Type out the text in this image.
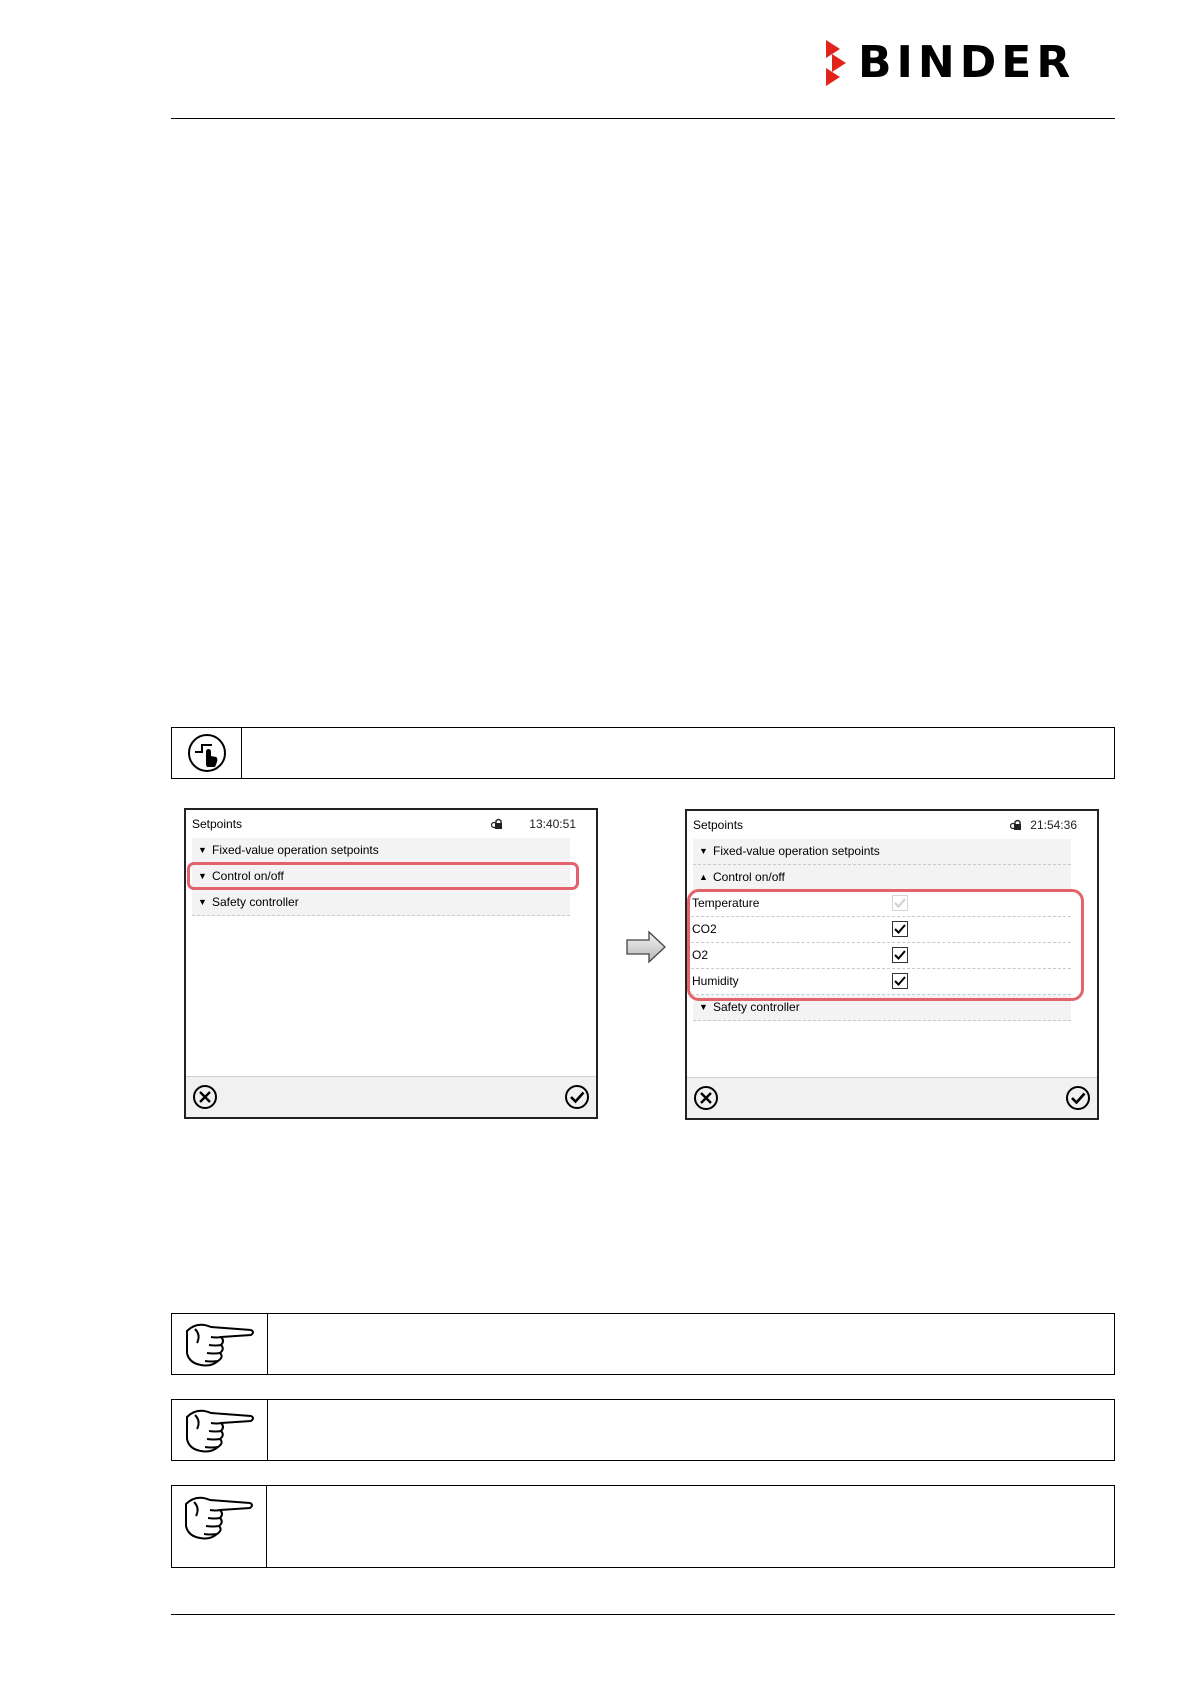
BINDER
Setpoints	13:40:51
▼ Fixed-value operation setpoints
▼ Control on/off
▼ Safety controller
Setpoints	21:54:36
▼ Fixed-value operation setpoints
▲ Control on/off
Temperature
CO2
O2
Humidity
▼ Safety controller
